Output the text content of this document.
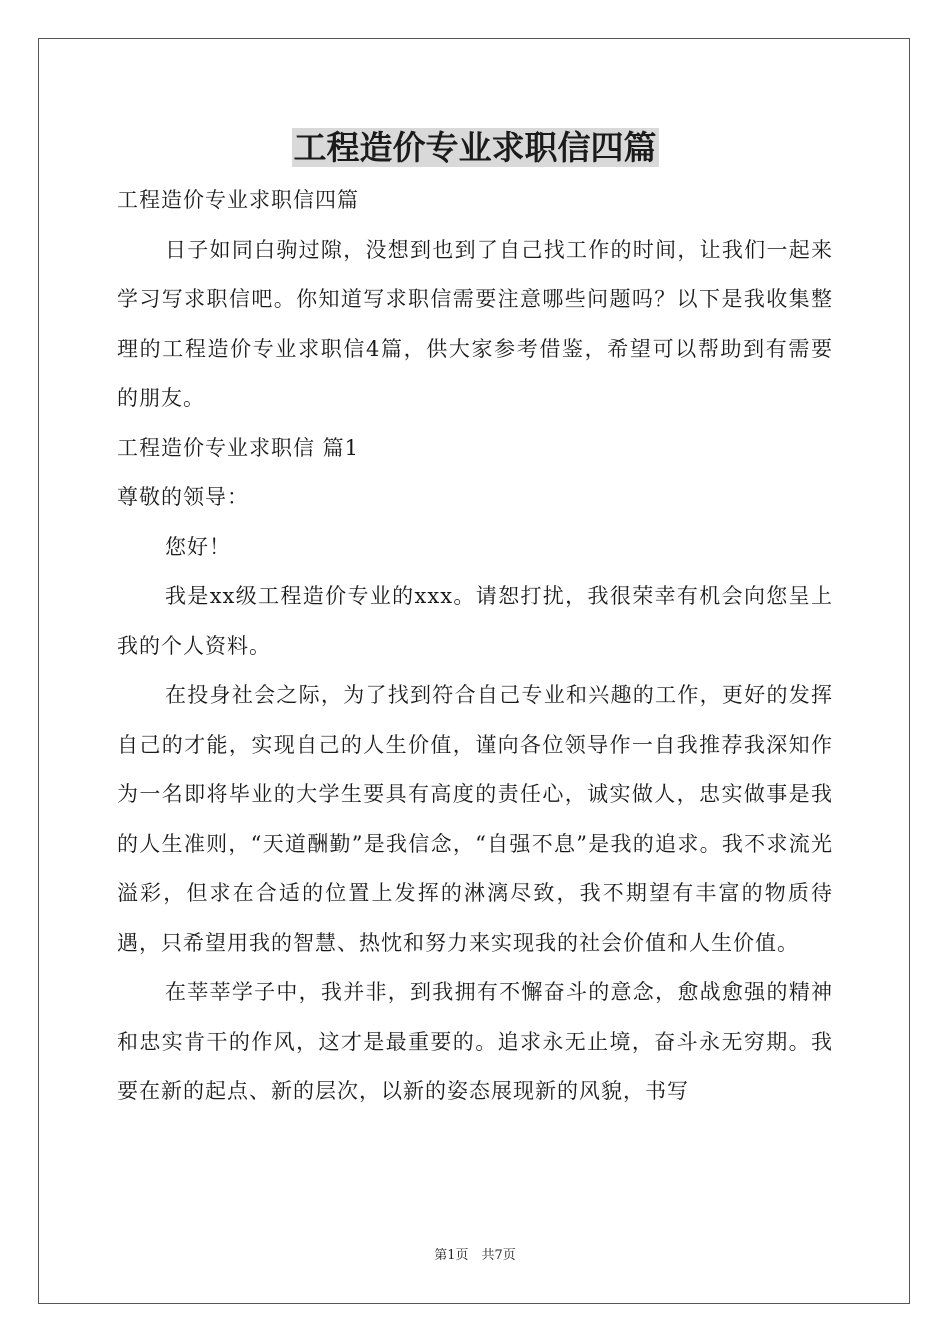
工程造价专业求职信四篇

工程造价专业求职信四篇

日子如同白驹过隙，没想到也到了自己找工作的时间，让我们一起来学习写求职信吧。你知道写求职信需要注意哪些问题吗？以下是我收集整理的工程造价专业求职信4篇，供大家参考借鉴，希望可以帮助到有需要的朋友。

工程造价专业求职信 篇1

尊敬的领导：

您好！

我是xx级工程造价专业的xxx。请恕打扰，我很荣幸有机会向您呈上我的个人资料。

在投身社会之际，为了找到符合自己专业和兴趣的工作，更好的发挥自己的才能，实现自己的人生价值，谨向各位领导作一自我推荐我深知作为一名即将毕业的大学生要具有高度的责任心，诚实做人，忠实做事是我的人生准则，“天道酬勤”是我信念，“自强不息”是我的追求。我不求流光溢彩，但求在合适的位置上发挥的淋漓尽致，我不期望有丰富的物质待遇，只希望用我的智慧、热忱和努力来实现我的社会价值和人生价值。

在莘莘学子中，我并非，到我拥有不懈奋斗的意念，愈战愈强的精神和忠实肯干的作风，这才是最重要的。追求永无止境，奋斗永无穷期。我要在新的起点、新的层次，以新的姿态展现新的风貌，书写

第1页　共7页
